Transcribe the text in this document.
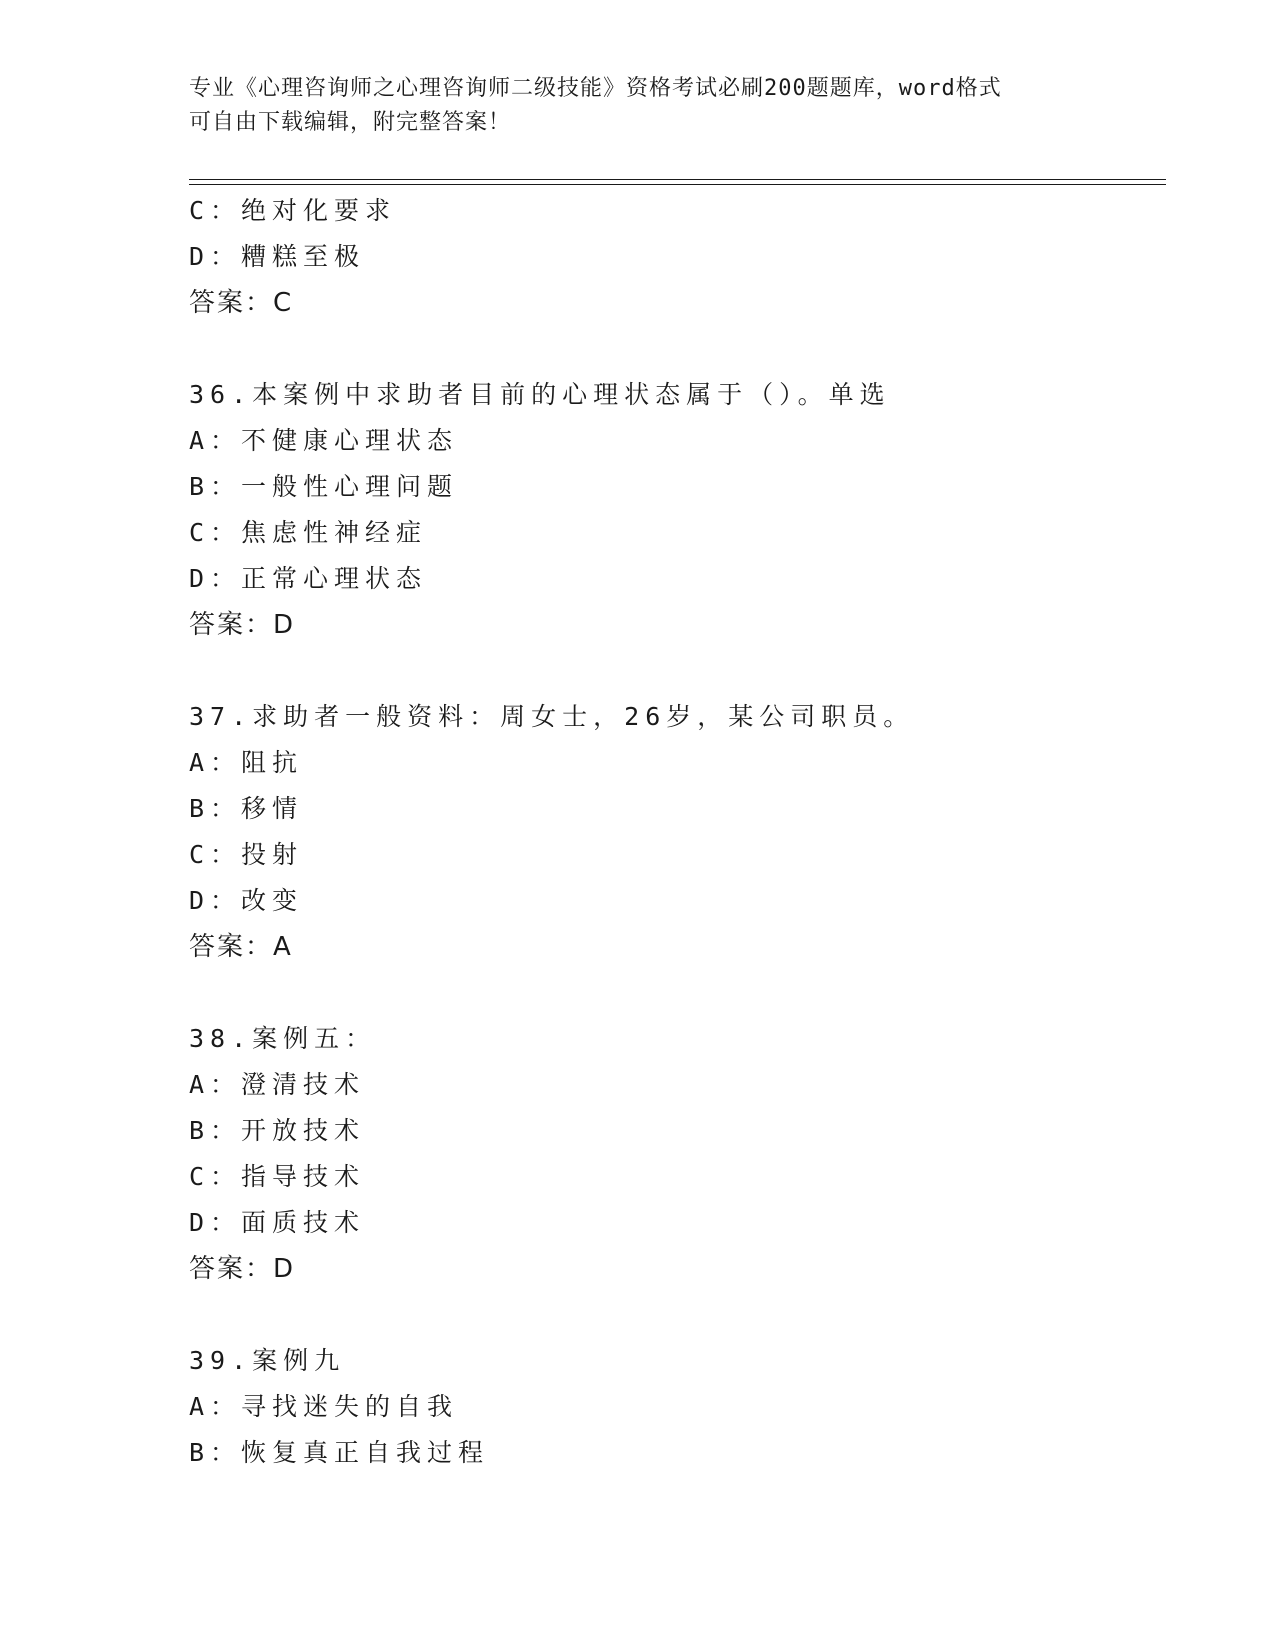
专业《心理咨询师之心理咨询师二级技能》资格考试必刷200题题库，word格式
可自由下载编辑，附完整答案！
C：绝对化要求
D：糟糕至极
答案：C
36.本案例中求助者目前的心理状态属于（）。单选
A：不健康心理状态
B：一般性心理问题
C：焦虑性神经症
D：正常心理状态
答案：D
37.求助者一般资料：周女士，26岁，某公司职员。
A：阻抗
B：移情
C：投射
D：改变
答案：A
38.案例五：
A：澄清技术
B：开放技术
C：指导技术
D：面质技术
答案：D
39.案例九
A：寻找迷失的自我
B：恢复真正自我过程
